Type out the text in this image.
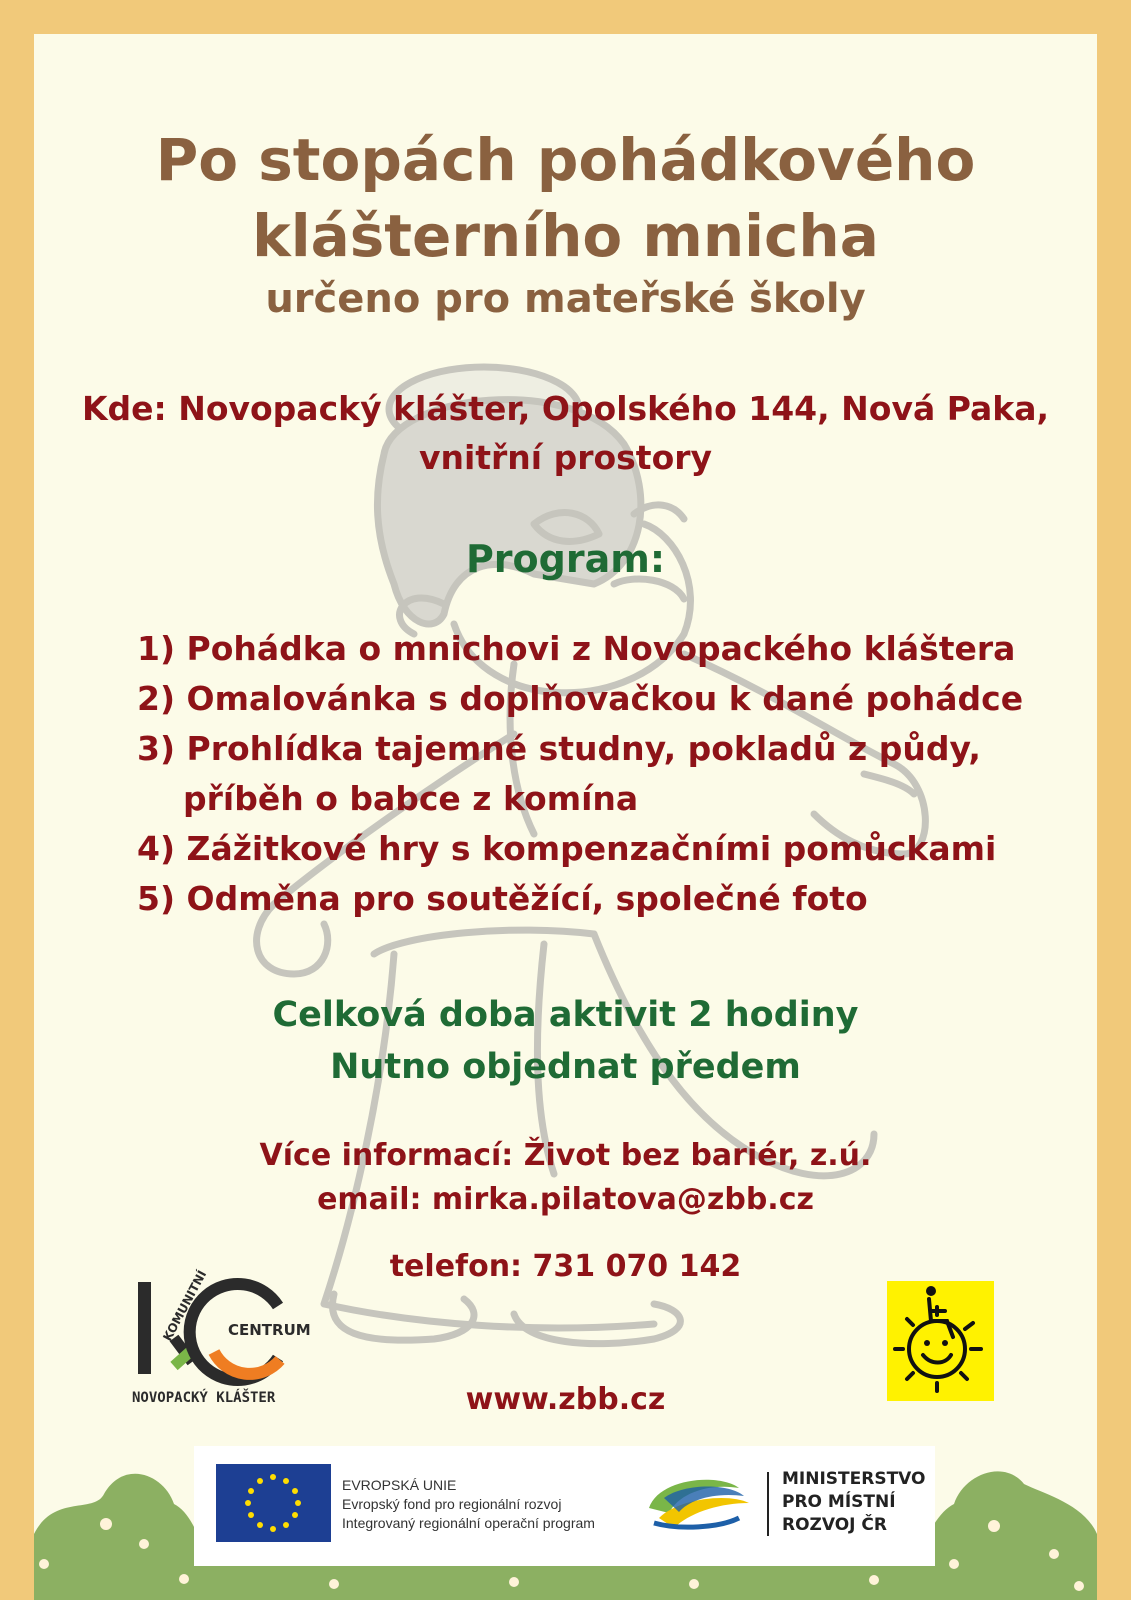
Po stopách pohádkového
klášterního mnicha

určeno pro mateřské školy

Kde: Novopacký klášter, Opolského 144, Nová Paka,
vnitřní prostory

Program:

1) Pohádka o mnichovi z Novopackého kláštera
2) Omalovánka s doplňovačkou k dané pohádce
3) Prohlídka tajemné studny, pokladů z půdy,
příběh o babce z komína
4) Zážitkové hry s kompenzačními pomůckami
5) Odměna pro soutěžící, společné foto

Celková doba aktivit 2 hodiny

Nutno objednat předem

Více informací: Život bez bariér, z.ú.
email: mirka.pilatova@zbb.cz

telefon: 731 070 142

www.zbb.cz

KOMUNITNÍ CENTRUM
NOVOPACKÝ KLÁŠTER
EVROPSKÁ UNIE
Evropský fond pro regionální rozvoj
Integrovaný regionální operační program
MINISTERSTVO
PRO MÍSTNÍ
ROZVOJ ČR
